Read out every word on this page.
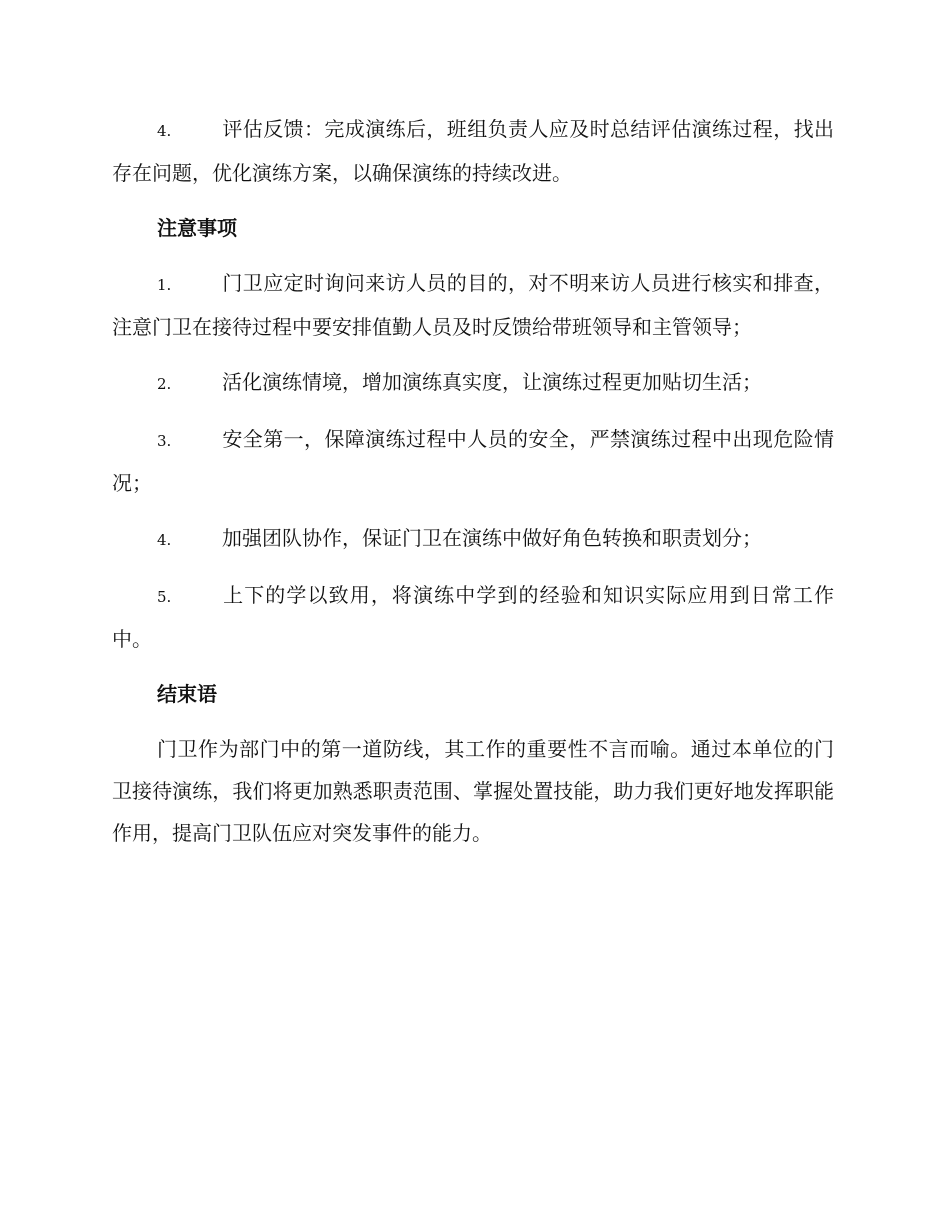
4.	评估反馈：完成演练后，班组负责人应及时总结评估演练过程，找出存在问题，优化演练方案，以确保演练的持续改进。

注意事项

1.	门卫应定时询问来访人员的目的，对不明来访人员进行核实和排查，注意门卫在接待过程中要安排值勤人员及时反馈给带班领导和主管领导；

2.	活化演练情境，增加演练真实度，让演练过程更加贴切生活；

3.	安全第一，保障演练过程中人员的安全，严禁演练过程中出现危险情况；

4.	加强团队协作，保证门卫在演练中做好角色转换和职责划分；

5.	上下的学以致用，将演练中学到的经验和知识实际应用到日常工作中。

结束语

门卫作为部门中的第一道防线，其工作的重要性不言而喻。通过本单位的门卫接待演练，我们将更加熟悉职责范围、掌握处置技能，助力我们更好地发挥职能作用，提高门卫队伍应对突发事件的能力。
